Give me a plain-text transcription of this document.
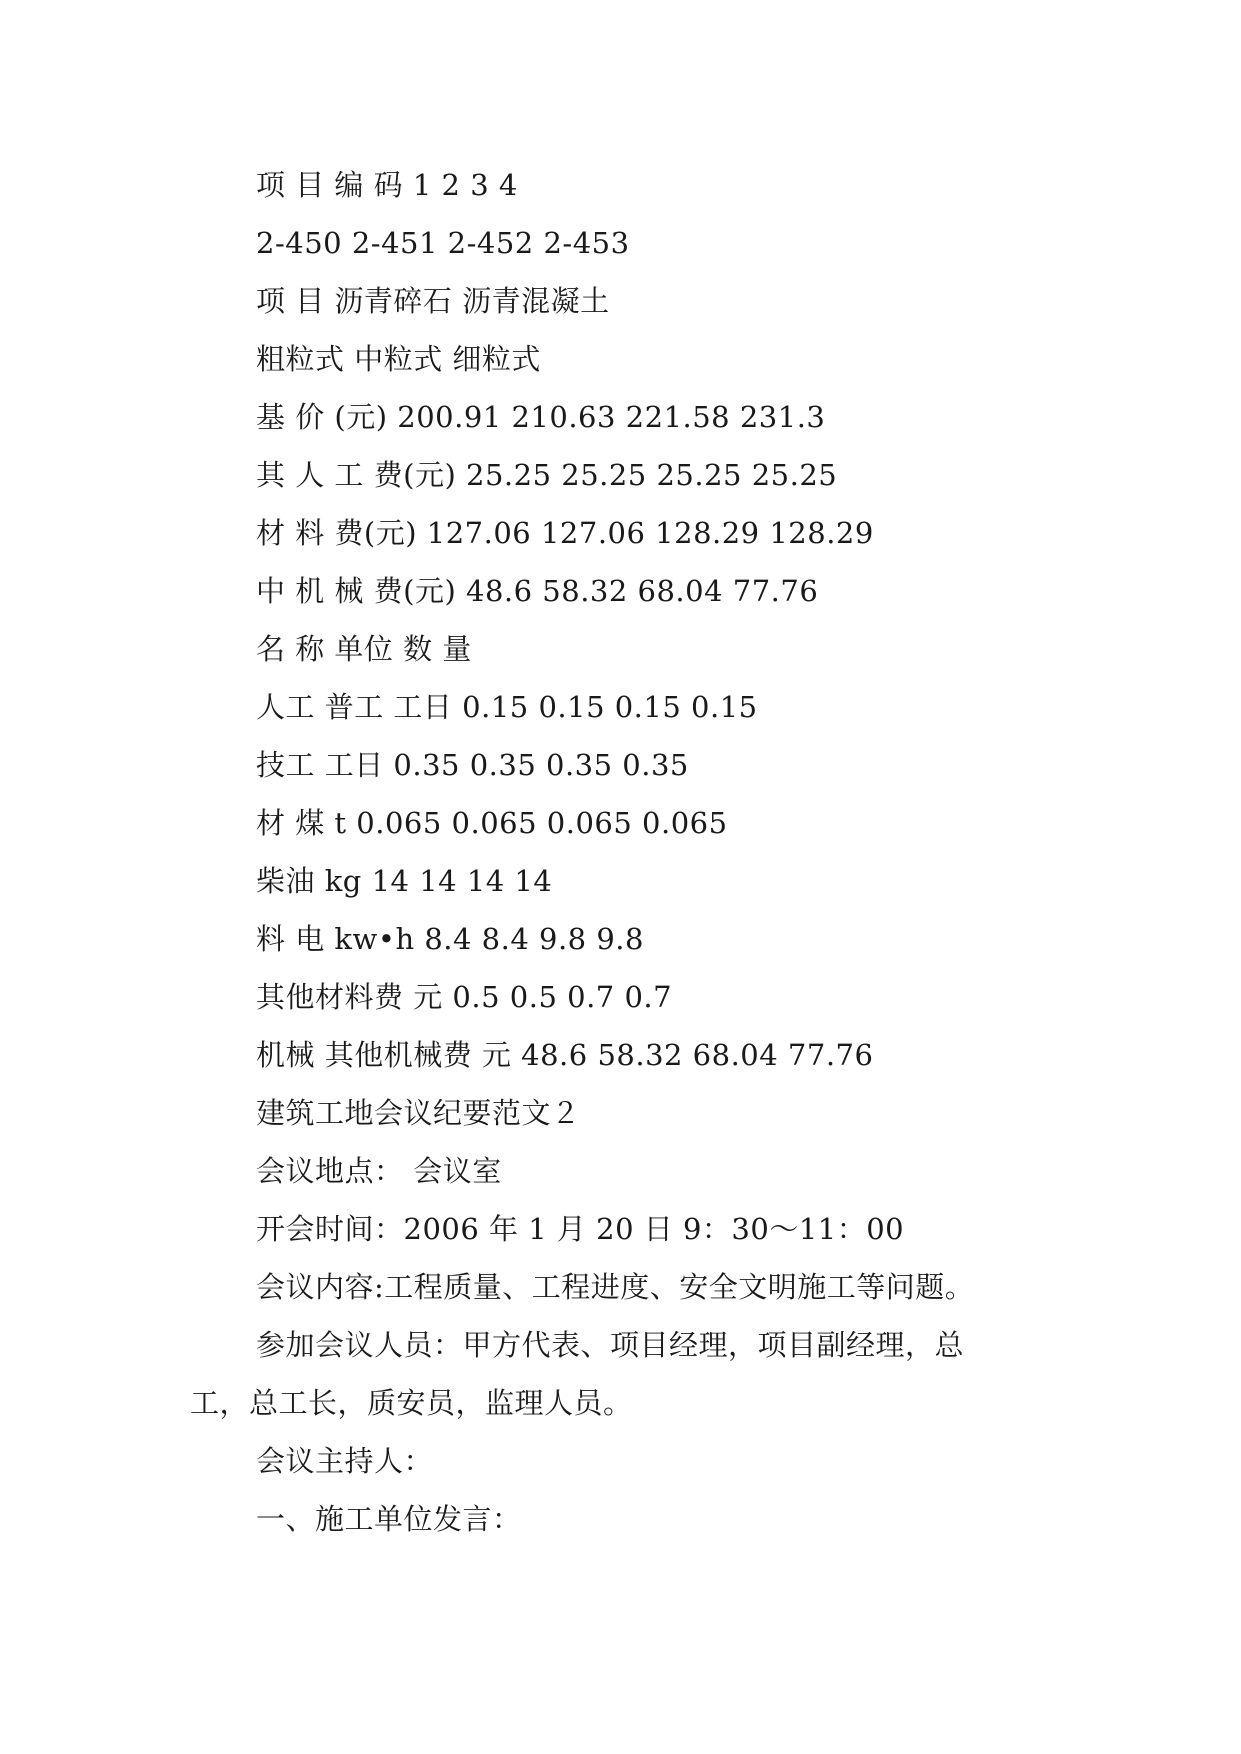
项 目 编 码 1 2 3 4
2-450 2-451 2-452 2-453
项 目 沥青碎石 沥青混凝土
粗粒式 中粒式 细粒式
基 价 (元) 200.91 210.63 221.58 231.3
其 人 工 费(元) 25.25 25.25 25.25 25.25
材 料 费(元) 127.06 127.06 128.29 128.29
中 机 械 费(元) 48.6 58.32 68.04 77.76
名 称 单位 数 量
人工 普工 工日 0.15 0.15 0.15 0.15
技工 工日 0.35 0.35 0.35 0.35
材 煤 t 0.065 0.065 0.065 0.065
柴油 kg 14 14 14 14
料 电 kw•h 8.4 8.4 9.8 9.8
其他材料费 元 0.5 0.5 0.7 0.7
机械 其他机械费 元 48.6 58.32 68.04 77.76
建筑工地会议纪要范文２
会议地点： 会议室
开会时间：2006 年 1 月 20 日 9：30～11：00
会议内容:工程质量、工程进度、安全文明施工等问题。
参加会议人员：甲方代表、项目经理，项目副经理，总
工，总工长，质安员，监理人员。
会议主持人：
一、施工单位发言：
